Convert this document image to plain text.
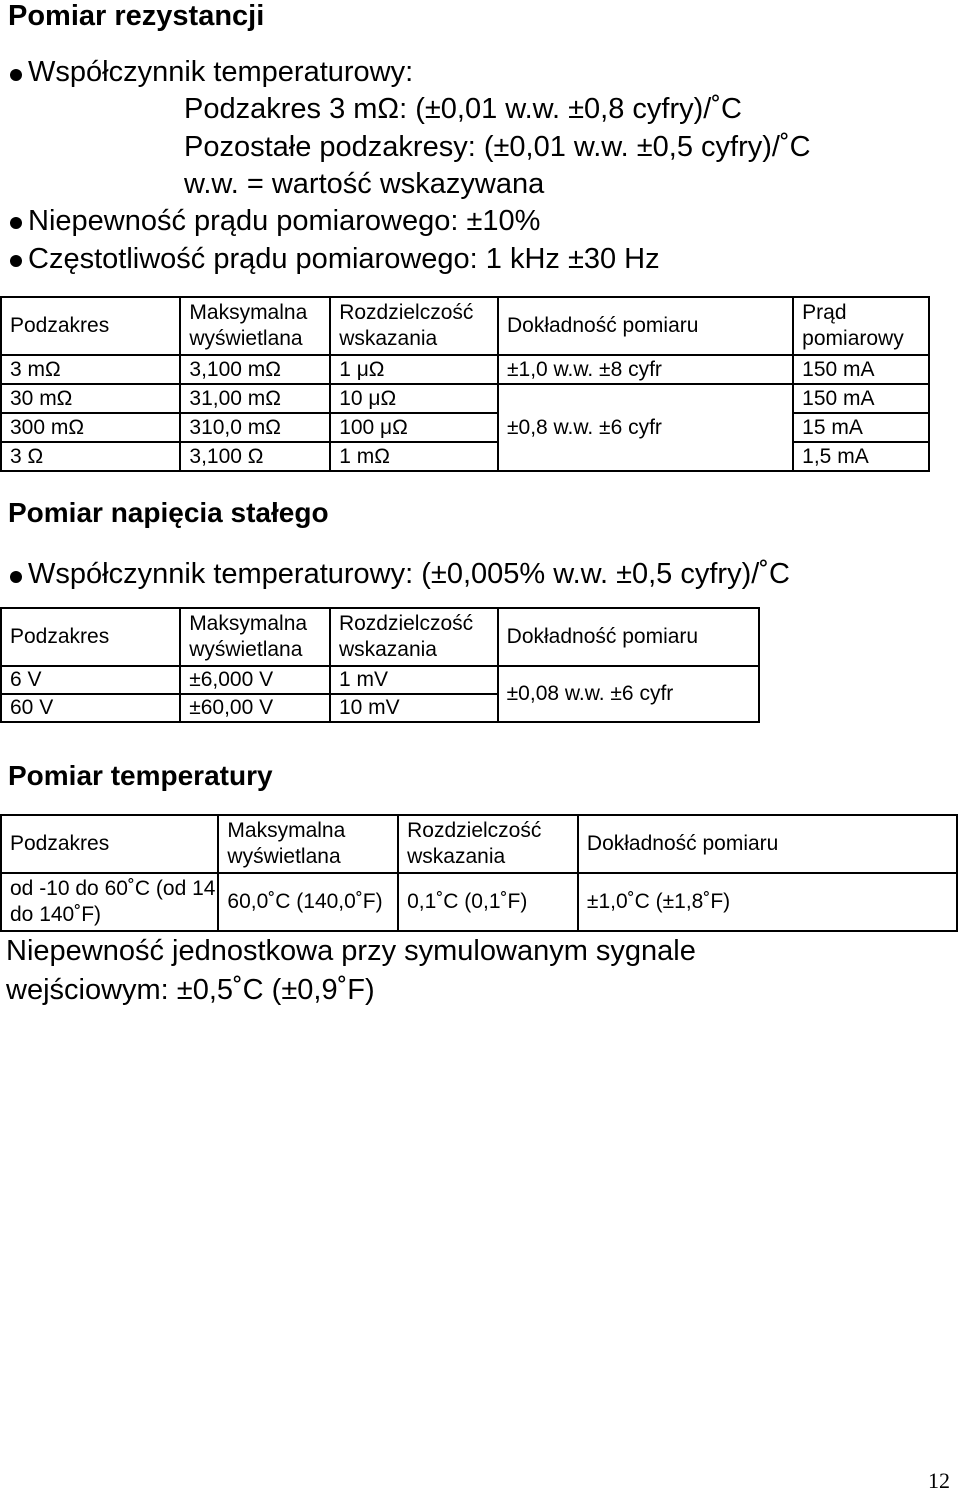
Pomiar rezystancji
Współczynnik temperaturowy:
Podzakres 3 mΩ: (±0,01 w.w. ±0,8 cyfry)/˚C
Pozostałe podzakresy: (±0,01 w.w. ±0,5 cyfry)/˚C
w.w. = wartość wskazywana
Niepewność prądu pomiarowego: ±10%
Częstotliwość prądu pomiarowego: 1 kHz ±30 Hz
Podzakres	Maksymalna wyświetlana	Rozdzielczość wskazania	Dokładność pomiaru	Prąd pomiarowy
3 mΩ	3,100 mΩ	1 μΩ	±1,0 w.w. ±8 cyfr	150 mA
30 mΩ	31,00 mΩ	10 μΩ	±0,8 w.w. ±6 cyfr	150 mA
300 mΩ	310,0 mΩ	100 μΩ		15 mA
3 Ω	3,100 Ω	1 mΩ		1,5 mA
Pomiar napięcia stałego
Współczynnik temperaturowy: (±0,005% w.w. ±0,5 cyfry)/˚C
Podzakres	Maksymalna wyświetlana	Rozdzielczość wskazania	Dokładność pomiaru
6 V	±6,000 V	1 mV	±0,08 w.w. ±6 cyfr
60 V	±60,00 V	10 mV	
Pomiar temperatury
Podzakres	Maksymalna wyświetlana	Rozdzielczość wskazania	Dokładność pomiaru
od -10 do 60˚C (od 14 do 140˚F)	60,0˚C (140,0˚F)	0,1˚C (0,1˚F)	±1,0˚C (±1,8˚F)
Niepewność jednostkowa przy symulowanym sygnale wejściowym: ±0,5˚C (±0,9˚F)
12
